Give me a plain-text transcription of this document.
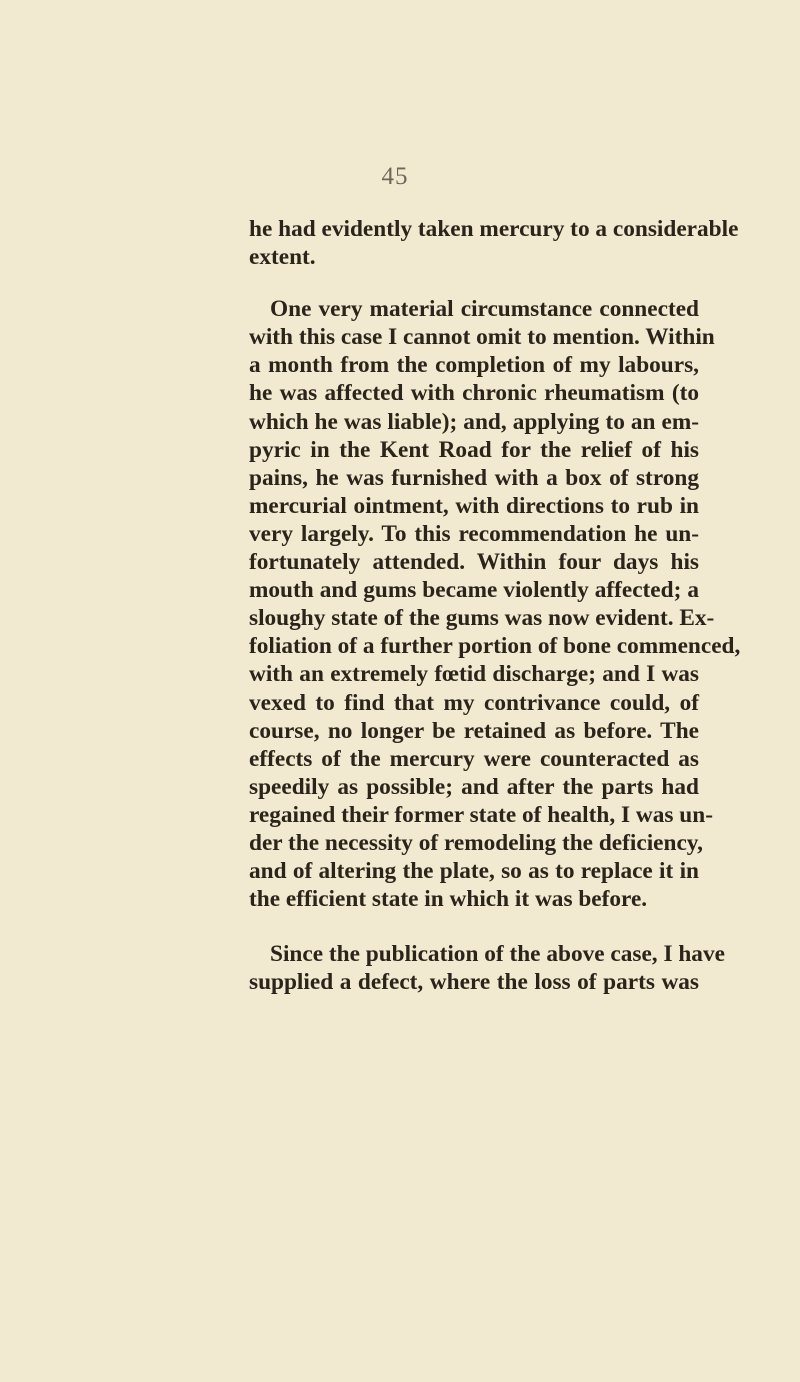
45
he had evidently taken mercury to a considerable
extent.
One very material circumstance connected
with this case I cannot omit to mention. Within
a month from the completion of my labours,
he was affected with chronic rheumatism (to
which he was liable); and, applying to an em-
pyric in the Kent Road for the relief of his
pains, he was furnished with a box of strong
mercurial ointment, with directions to rub in
very largely. To this recommendation he un-
fortunately attended. Within four days his
mouth and gums became violently affected; a
sloughy state of the gums was now evident. Ex-
foliation of a further portion of bone commenced,
with an extremely fœtid discharge; and I was
vexed to find that my contrivance could, of
course, no longer be retained as before. The
effects of the mercury were counteracted as
speedily as possible; and after the parts had
regained their former state of health, I was un-
der the necessity of remodeling the deficiency,
and of altering the plate, so as to replace it in
the efficient state in which it was before.
Since the publication of the above case, I have
supplied a defect, where the loss of parts was
